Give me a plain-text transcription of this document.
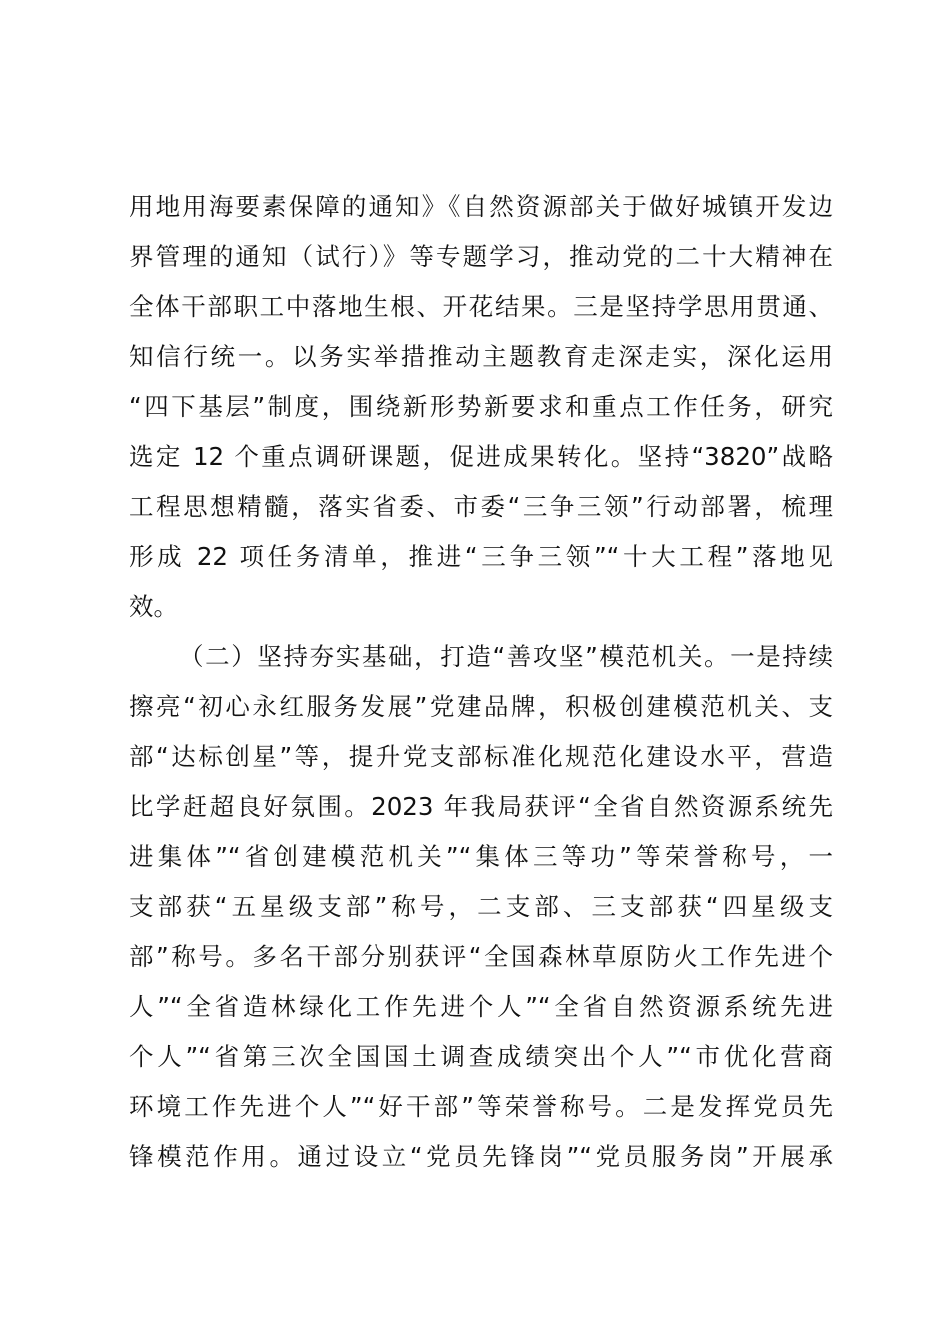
用地用海要素保障的通知》《自然资源部关于做好城镇开发边
界管理的通知（试行）》等专题学习，推动党的二十大精神在
全体干部职工中落地生根、开花结果。三是坚持学思用贯通、
知信行统一。以务实举措推动主题教育走深走实，深化运用
“四下基层”制度，围绕新形势新要求和重点工作任务，研究
选定 12 个重点调研课题，促进成果转化。坚持“3820”战略
工程思想精髓，落实省委、市委“三争三领”行动部署，梳理
形成 22 项任务清单，推进“三争三领”“十大工程”落地见
效。
（二）坚持夯实基础，打造“善攻坚”模范机关。一是持续
擦亮“初心永红服务发展”党建品牌，积极创建模范机关、支
部“达标创星”等，提升党支部标准化规范化建设水平，营造
比学赶超良好氛围。2023 年我局获评“全省自然资源系统先
进集体”“省创建模范机关”“集体三等功”等荣誉称号，一
支部获“五星级支部”称号，二支部、三支部获“四星级支
部”称号。多名干部分别获评“全国森林草原防火工作先进个
人”“全省造林绿化工作先进个人”“全省自然资源系统先进
个人”“省第三次全国国土调查成绩突出个人”“市优化营商
环境工作先进个人”“好干部”等荣誉称号。二是发挥党员先
锋模范作用。通过设立“党员先锋岗”“党员服务岗”开展承
